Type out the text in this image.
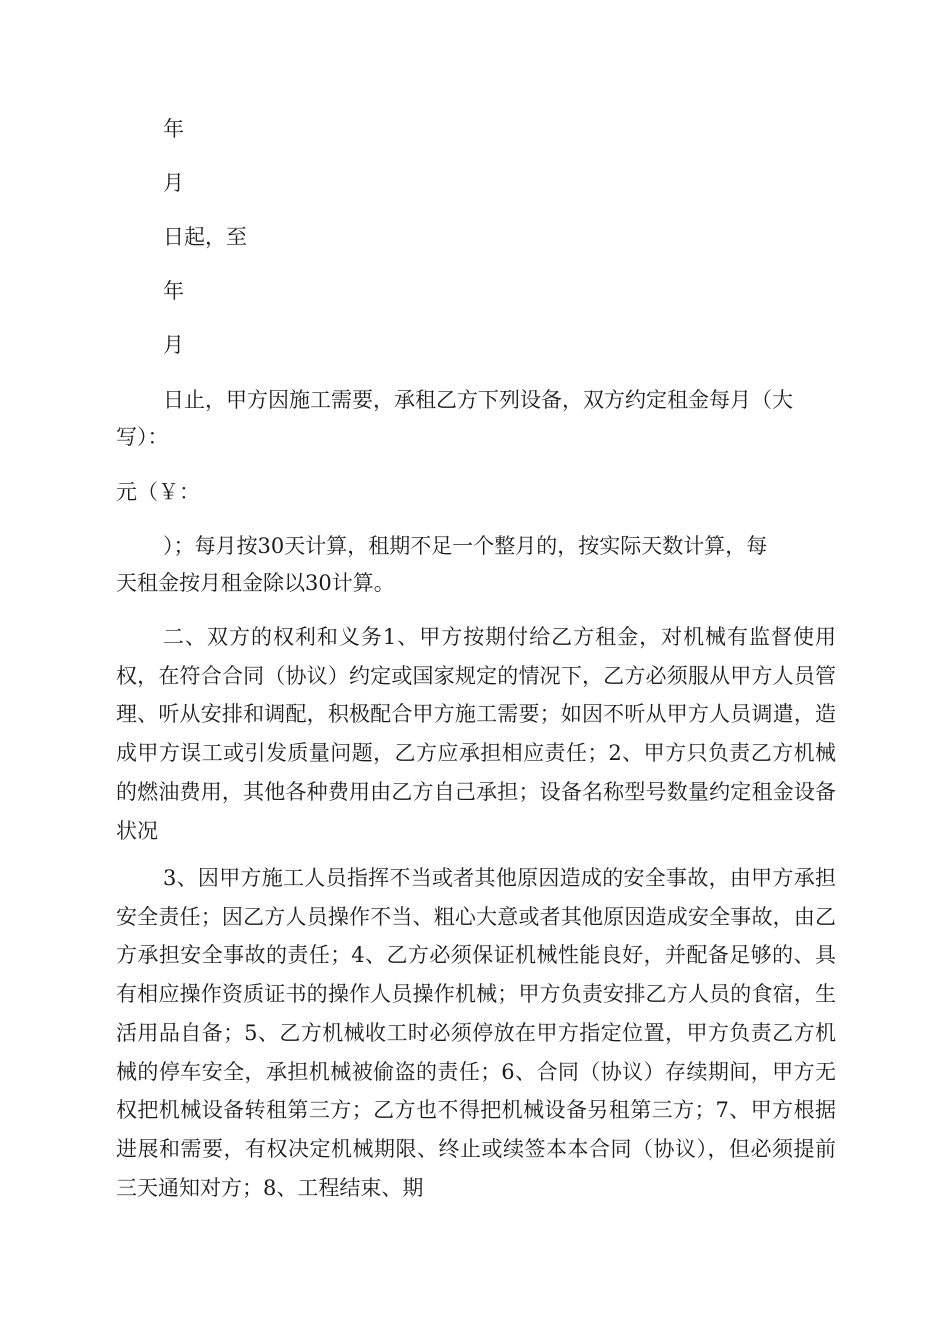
年

月

日起，至

年

月

日止，甲方因施工需要，承租乙方下列设备，双方约定租金每月（大

写）：

元（￥：

）；每月按30天计算，租期不足一个整月的，按实际天数计算，每

天租金按月租金除以30计算。

二、双方的权利和义务1、甲方按期付给乙方租金，对机械有监督使用权，在符合合同（协议）约定或国家规定的情况下，乙方必须服从甲方人员管理、听从安排和调配，积极配合甲方施工需要；如因不听从甲方人员调遣，造成甲方误工或引发质量问题，乙方应承担相应责任；2、甲方只负责乙方机械的燃油费用，其他各种费用由乙方自己承担；设备名称型号数量约定租金设备状况

3、因甲方施工人员指挥不当或者其他原因造成的安全事故，由甲方承担安全责任；因乙方人员操作不当、粗心大意或者其他原因造成安全事故，由乙方承担安全事故的责任；4、乙方必须保证机械性能良好，并配备足够的、具有相应操作资质证书的操作人员操作机械；甲方负责安排乙方人员的食宿，生活用品自备；5、乙方机械收工时必须停放在甲方指定位置，甲方负责乙方机械的停车安全，承担机械被偷盗的责任；6、合同（协议）存续期间，甲方无权把机械设备转租第三方；乙方也不得把机械设备另租第三方；7、甲方根据进展和需要，有权决定机械期限、终止或续签本本合同（协议），但必须提前三天通知对方；8、工程结束、期
